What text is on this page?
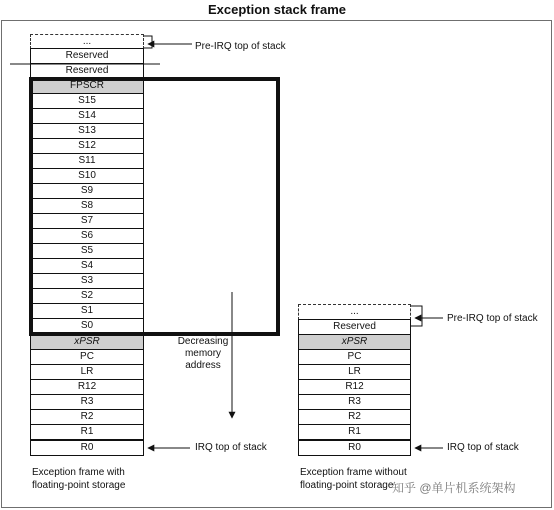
Exception stack frame
...
Reserved
Reserved
FPSCR
S15
S14
S13
S12
S11
S10
S9
S8
S7
S6
S5
S4
S3
S2
S1
S0
xPSR
PC
LR
R12
R3
R2
R1
R0
...
Reserved
xPSR
PC
LR
R12
R3
R2
R1
R0
Pre-IRQ top of stack
IRQ top of stack
Pre-IRQ top of stack
IRQ top of stack
Decreasing
memory
address
Exception frame with
floating-point storage
Exception frame without
floating-point storage
知乎 @单片机系统架构
